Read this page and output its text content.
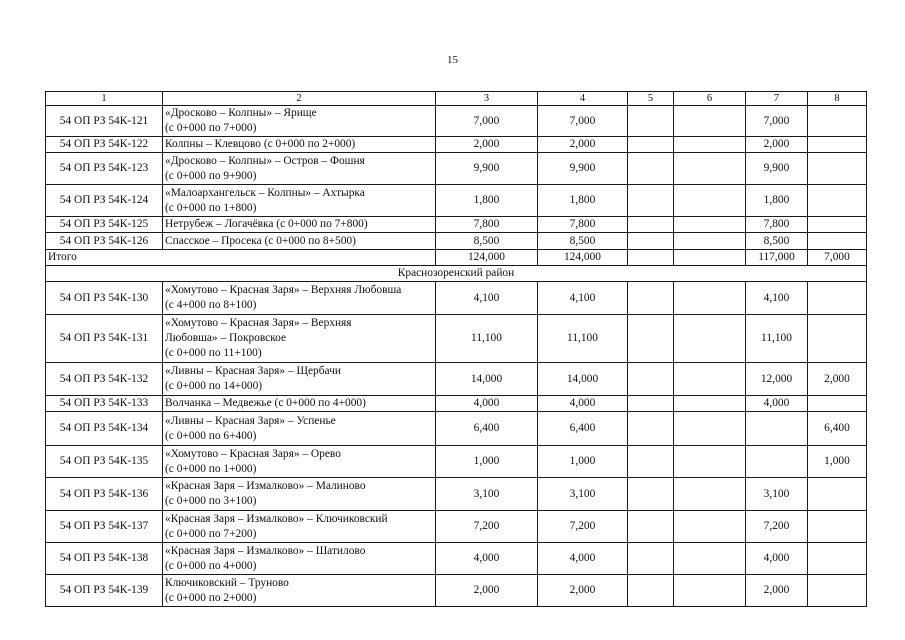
15
1	2	3	4	5	6	7	8
54 ОП РЗ 54К-121	«Дросково – Колпны» – Ярище
(с 0+000 по 7+000)	7,000	7,000			7,000	
54 ОП РЗ 54К-122	Колпны – Клевцово (с 0+000 по 2+000)	2,000	2,000			2,000	
54 ОП РЗ 54К-123	«Дросково – Колпны» – Остров – Фошня
(с 0+000 по 9+900)	9,900	9,900			9,900	
54 ОП РЗ 54К-124	«Малоархангельск – Колпны» – Ахтырка
(с 0+000 по 1+800)	1,800	1,800			1,800	
54 ОП РЗ 54К-125	Нетрубеж – Логачёвка (с 0+000 по 7+800)	7,800	7,800			7,800	
54 ОП РЗ 54К-126	Спасское – Просека (с 0+000 по 8+500)	8,500	8,500			8,500	
Итого		124,000	124,000			117,000	7,000
Краснозоренский район							
54 ОП РЗ 54К-130	«Хомутово – Красная Заря» – Верхняя Любовша
(с 4+000 по 8+100)	4,100	4,100			4,100	
54 ОП РЗ 54К-131	«Хомутово – Красная Заря» – Верхняя
Любовша» – Покровское
(с 0+000 по 11+100)	11,100	11,100			11,100	
54 ОП РЗ 54К-132	«Ливны – Красная Заря» – Щербачи
(с 0+000 по 14+000)	14,000	14,000			12,000	2,000
54 ОП РЗ 54К-133	Волчанка – Медвежье (с 0+000 по 4+000)	4,000	4,000			4,000	
54 ОП РЗ 54К-134	«Ливны – Красная Заря» – Успенье
(с 0+000 по 6+400)	6,400	6,400				6,400
54 ОП РЗ 54К-135	«Хомутово – Красная Заря» – Орево
(с 0+000 по 1+000)	1,000	1,000				1,000
54 ОП РЗ 54К-136	«Красная Заря – Измалково» – Малиново
(с 0+000 по 3+100)	3,100	3,100			3,100	
54 ОП РЗ 54К-137	«Красная Заря – Измалково» – Ключиковский
(с 0+000 по 7+200)	7,200	7,200			7,200	
54 ОП РЗ 54К-138	«Красная Заря – Измалково» – Шатилово
(с 0+000 по 4+000)	4,000	4,000			4,000	
54 ОП РЗ 54К-139	Ключиковский – Труново
(с 0+000 по 2+000)	2,000	2,000			2,000	
